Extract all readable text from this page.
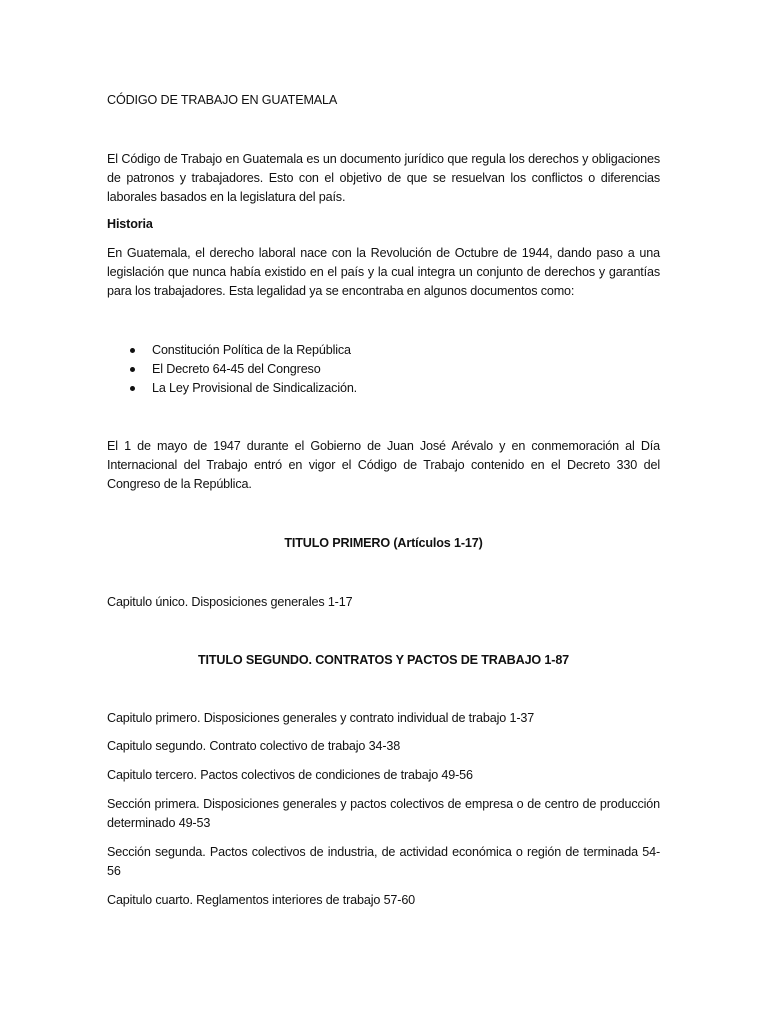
CÓDIGO DE TRABAJO EN GUATEMALA
El Código de Trabajo en Guatemala es un documento jurídico que regula los derechos y obligaciones de patronos y trabajadores. Esto con el objetivo de que se resuelvan los conflictos o diferencias laborales basados en la legislatura del país.
Historia
En Guatemala, el derecho laboral nace con la Revolución de Octubre de 1944, dando paso a una legislación que nunca había existido en el país y la cual integra un conjunto de derechos y garantías para los trabajadores. Esta legalidad ya se encontraba en algunos documentos como:
Constitución Política de la República
El Decreto 64-45 del Congreso
La Ley Provisional de Sindicalización.
El 1 de mayo de 1947 durante el Gobierno de Juan José Arévalo y en conmemoración al Día Internacional del Trabajo entró en vigor el Código de Trabajo contenido en el Decreto 330 del Congreso de la República.
TITULO PRIMERO (Artículos 1-17)
Capitulo único. Disposiciones generales 1-17
TITULO SEGUNDO. CONTRATOS Y PACTOS DE TRABAJO 1-87
Capitulo primero. Disposiciones generales y contrato individual de trabajo 1-37
Capitulo segundo. Contrato colectivo de trabajo 34-38
Capitulo tercero. Pactos colectivos de condiciones de trabajo 49-56
Sección primera. Disposiciones generales y pactos colectivos de empresa o de centro de producción determinado 49-53
Sección segunda. Pactos colectivos de industria, de actividad económica o región de terminada 54-56
Capitulo cuarto. Reglamentos interiores de trabajo 57-60
